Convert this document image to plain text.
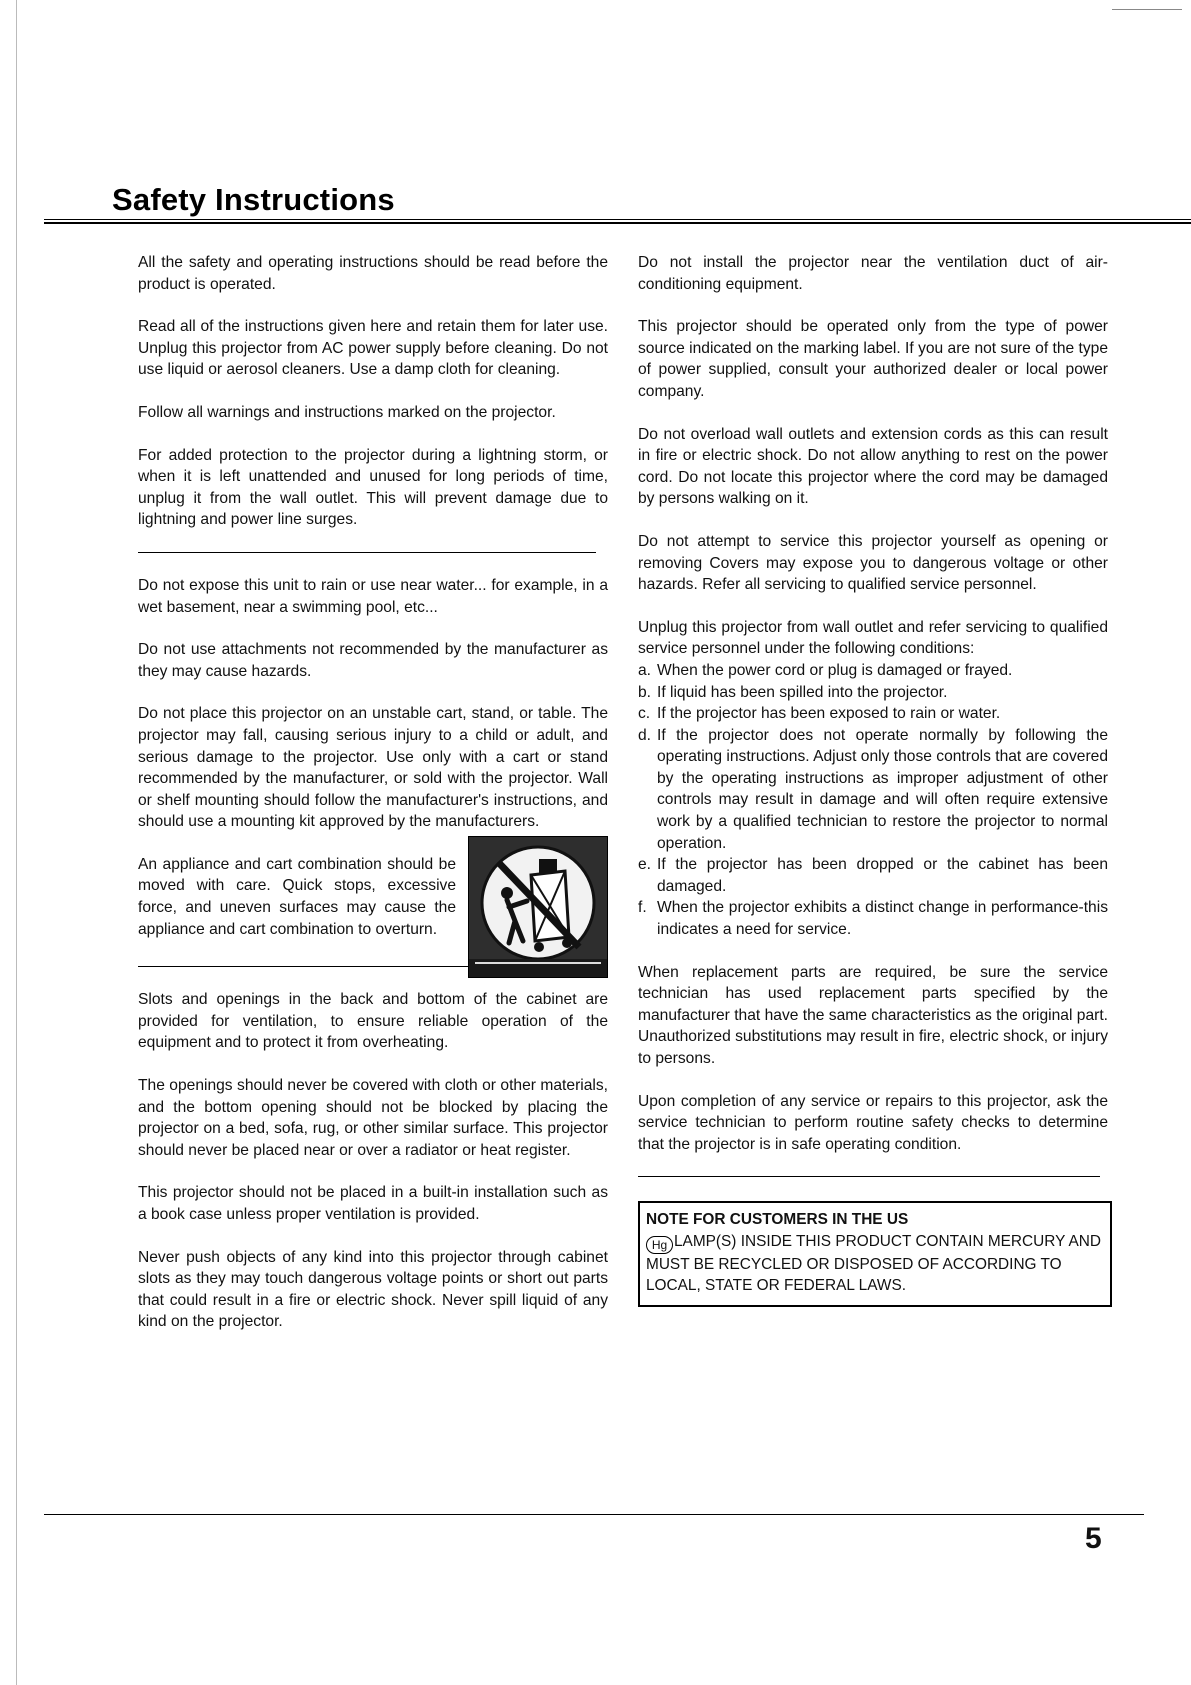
Safety Instructions

All the safety and operating instructions should be read before the product is operated.

Read all of the instructions given here and retain them for later use. Unplug this projector from AC power supply before cleaning. Do not use liquid or aerosol cleaners. Use a damp cloth for cleaning.

Follow all warnings and instructions marked on the projector.

For added protection to the projector during a lightning storm, or when it is left unattended and unused for long periods of time, unplug it from the wall outlet. This will prevent damage due to lightning and power line surges.

Do not expose this unit to rain or use near water... for example, in a wet basement, near a swimming pool, etc...

Do not use attachments not recommended by the manufacturer as they may cause hazards.

Do not place this projector on an unstable cart, stand, or table. The projector may fall, causing serious injury to a child or adult, and serious damage to the projector. Use only with a cart or stand recommended by the manufacturer, or sold with the projector. Wall or shelf mounting should follow the manufacturer's instructions, and should use a mounting kit approved by the manufacturers.

An appliance and cart combination should be moved with care. Quick stops, excessive force, and uneven surfaces may cause the appliance and cart combination to overturn.

Slots and openings in the back and bottom of the cabinet are provided for ventilation, to ensure reliable operation of the equipment and to protect it from overheating.

The openings should never be covered with cloth or other materials, and the bottom opening should not be blocked by placing the projector on a bed, sofa, rug, or other similar surface. This projector should never be placed near or over a radiator or heat register.

This projector should not be placed in a built-in installation such as a book case unless proper ventilation is provided.

Never push objects of any kind into this projector through cabinet slots as they may touch dangerous voltage points or short out parts that could result in a fire or electric shock. Never spill liquid of any kind on the projector.

Do not install the projector near the ventilation duct of air-conditioning equipment.

This projector should be operated only from the type of power source indicated on the marking label. If you are not sure of the type of power supplied, consult your authorized dealer or local power company.

Do not overload wall outlets and extension cords as this can result in fire or electric shock. Do not allow anything to rest on the power cord. Do not locate this projector where the cord may be damaged by persons walking on it.

Do not attempt to service this projector yourself as opening or removing Covers may expose you to dangerous voltage or other hazards. Refer all servicing to qualified service personnel.

Unplug this projector from wall outlet and refer servicing to qualified service personnel under the following conditions:

a. When the power cord or plug is damaged or frayed.
b. If liquid has been spilled into the projector.
c. If the projector has been exposed to rain or water.
d. If the projector does not operate normally by following the operating instructions. Adjust only those controls that are covered by the operating instructions as improper adjustment of other controls may result in damage and will often require extensive work by a qualified technician to restore the projector to normal operation.
e. If the projector has been dropped or the cabinet has been damaged.
f. When the projector exhibits a distinct change in performance-this indicates a need for service.

When replacement parts are required, be sure the service technician has used replacement parts specified by the manufacturer that have the same characteristics as the original part. Unauthorized substitutions may result in fire, electric shock, or injury to persons.

Upon completion of any service or repairs to this projector, ask the service technician to perform routine safety checks to determine that the projector is in safe operating condition.

NOTE FOR CUSTOMERS IN THE US
Hg LAMP(S) INSIDE THIS PRODUCT CONTAIN MERCURY AND MUST BE RECYCLED OR DISPOSED OF ACCORDING TO LOCAL, STATE OR FEDERAL LAWS.
5
